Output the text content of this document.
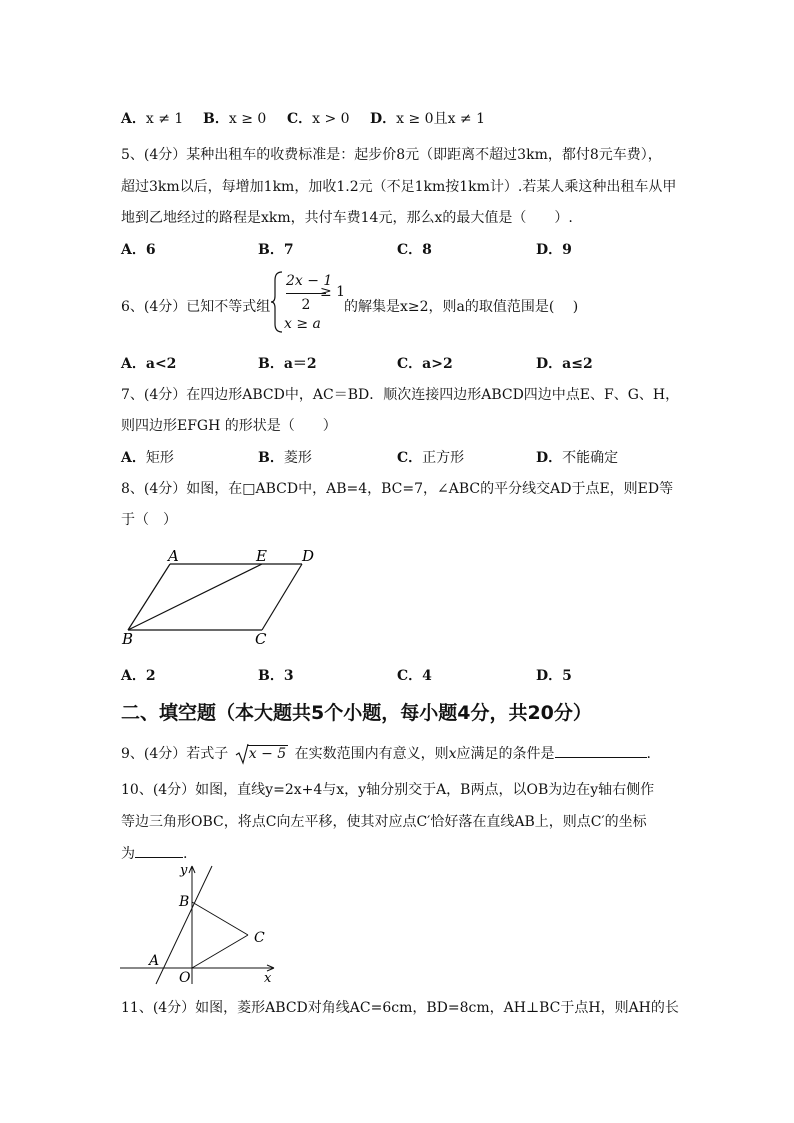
A．x ≠ 1 B．x ≥ 0 C．x > 0 D．x ≥ 0且x ≠ 1
5、(4分）某种出租车的收费标准是：起步价8元（即距离不超过3km，都付8元车费），
超过3km以后，每增加1km，加收1.2元（不足1km按1km计）.若某人乘这种出租车从甲
地到乙地经过的路程是xkm，共付车费14元，那么x的最大值是（　　）.
A．6	B．7	C．8	D．9
6、(4分）已知不等式组
2x − 1
2
≥ 1
x ≥ a
的解集是x≥2，则a的取值范围是(　 )
A．a<2	B．a＝2	C．a>2	D．a≤2
7、(4分）在四边形ABCD中，AC＝BD．顺次连接四边形ABCD四边中点E、F、G、H，
则四边形EFGH 的形状是（　　）
A．矩形	B．菱形	C．正方形	D．不能确定
8、(4分）如图，在□ABCD中，AB=4，BC=7，∠ABC的平分线交AD于点E，则ED等
于（　）
A	E D
B	C
A．2	B．3	C．4	D．5
二、填空题（本大题共5个小题，每小题4分，共20分）
9、(4分）若式子 x − 5 在实数范围内有意义，则x应满足的条件是	.
10、(4分）如图，直线y=2x+4与x，y轴分别交于A，B两点，以OB为边在y轴右侧作
等边三角形OBC，将点C向左平移，使其对应点C′恰好落在直线AB上，则点C′的坐标
为	.
y
x
B
C
A
O
11、(4分）如图，菱形ABCD对角线AC=6cm，BD=8cm，AH⊥BC于点H，则AH的长
